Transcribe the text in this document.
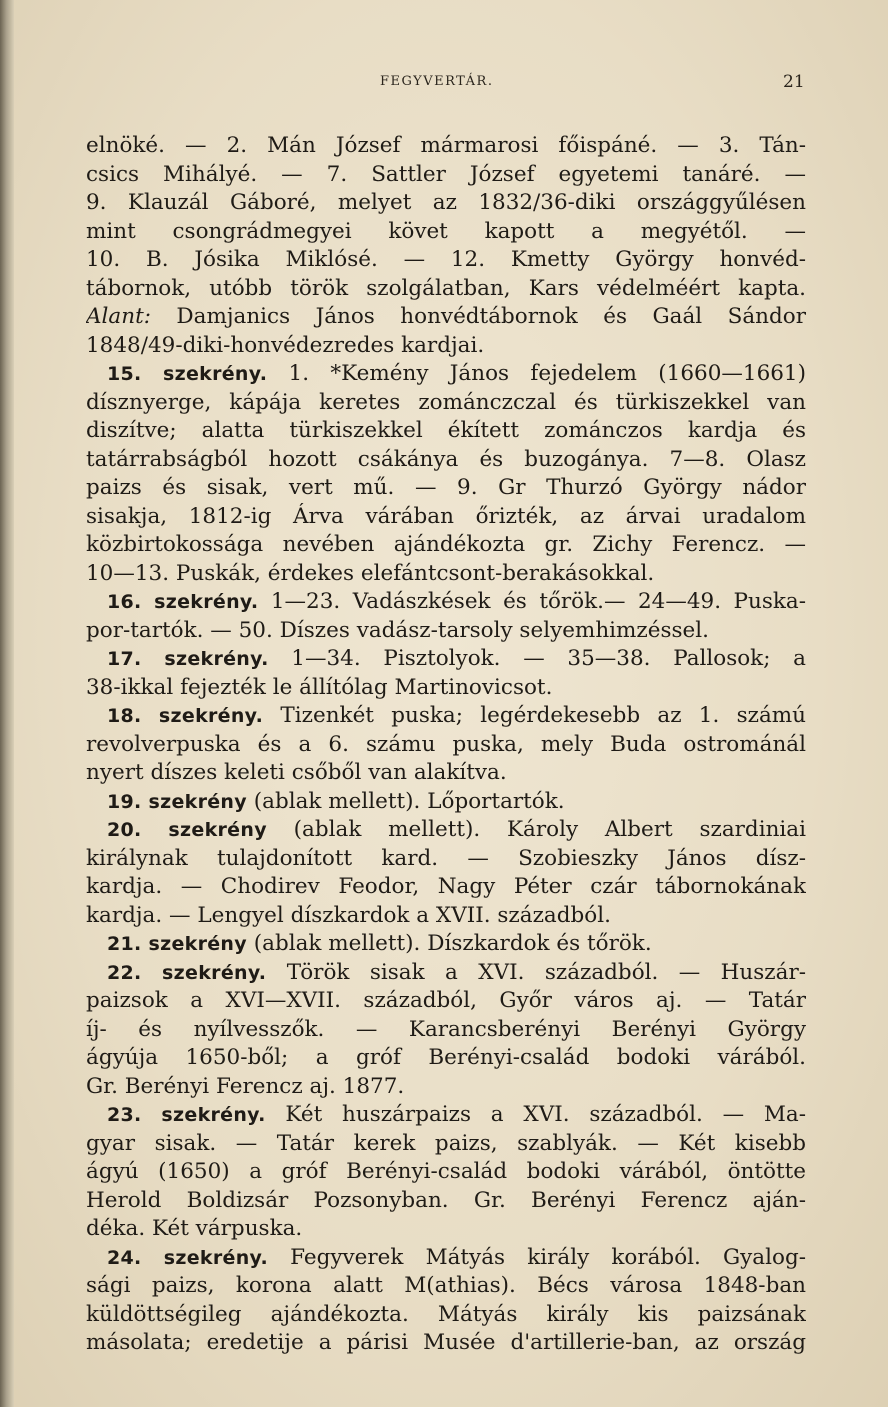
FEGYVERTÁR.	21
elnöké. — 2. Mán József mármarosi főispáné. — 3. Tán-
csics Mihályé. — 7. Sattler József egyetemi tanáré. —
9. Klauzál Gáboré, melyet az 1832/36-diki országgyűlésen
mint csongrádmegyei követ kapott a megyétől. —
10. B. Jósika Miklósé. — 12. Kmetty György honvéd-
tábornok, utóbb török szolgálatban, Kars védelméért kapta.
Alant: Damjanics János honvédtábornok és Gaál Sándor
1848/49-diki-honvédezredes kardjai.
15. szekrény. 1. *Kemény János fejedelem (1660—1661)
dísznyerge, kápája keretes zománczczal és türkiszekkel van
diszítve; alatta türkiszekkel ékített zománczos kardja és
tatárrabságból hozott csákánya és buzogánya. 7—8. Olasz
paizs és sisak, vert mű. — 9. Gr Thurzó György nádor
sisakja, 1812-ig Árva várában őrizték, az árvai uradalom
közbirtokossága nevében ajándékozta gr. Zichy Ferencz. —
10—13. Puskák, érdekes elefántcsont-berakásokkal.
16. szekrény. 1—23. Vadászkések és tőrök.— 24—49. Puska-
por-tartók. — 50. Díszes vadász-tarsoly selyemhimzéssel.
17. szekrény. 1—34. Pisztolyok. — 35—38. Pallosok; a
38-ikkal fejezték le állítólag Martinovicsot.
18. szekrény. Tizenkét puska; legérdekesebb az 1. számú
revolverpuska és a 6. számu puska, mely Buda ostrománál
nyert díszes keleti csőből van alakítva.
19. szekrény (ablak mellett). Lőportartók.
20. szekrény (ablak mellett). Károly Albert szardiniai
királynak tulajdonított kard. — Szobieszky János dísz-
kardja. — Chodirev Feodor, Nagy Péter czár tábornokának
kardja. — Lengyel díszkardok a XVII. századból.
21. szekrény (ablak mellett). Díszkardok és tőrök.
22. szekrény. Török sisak a XVI. századból. — Huszár-
paizsok a XVI—XVII. századból, Győr város aj. — Tatár
íj- és nyílvesszők. — Karancsberényi Berényi György
ágyúja 1650-ből; a gróf Berényi-család bodoki várából.
Gr. Berényi Ferencz aj. 1877.
23. szekrény. Két huszárpaizs a XVI. századból. — Ma-
gyar sisak. — Tatár kerek paizs, szablyák. — Két kisebb
ágyú (1650) a gróf Berényi-család bodoki várából, öntötte
Herold Boldizsár Pozsonyban. Gr. Berényi Ferencz aján-
déka. Két várpuska.
24. szekrény. Fegyverek Mátyás király korából. Gyalog-
sági paizs, korona alatt M(athias). Bécs városa 1848-ban
küldöttségileg ajándékozta. Mátyás király kis paizsának
másolata; eredetije a párisi Musée d'artillerie-ban, az ország
